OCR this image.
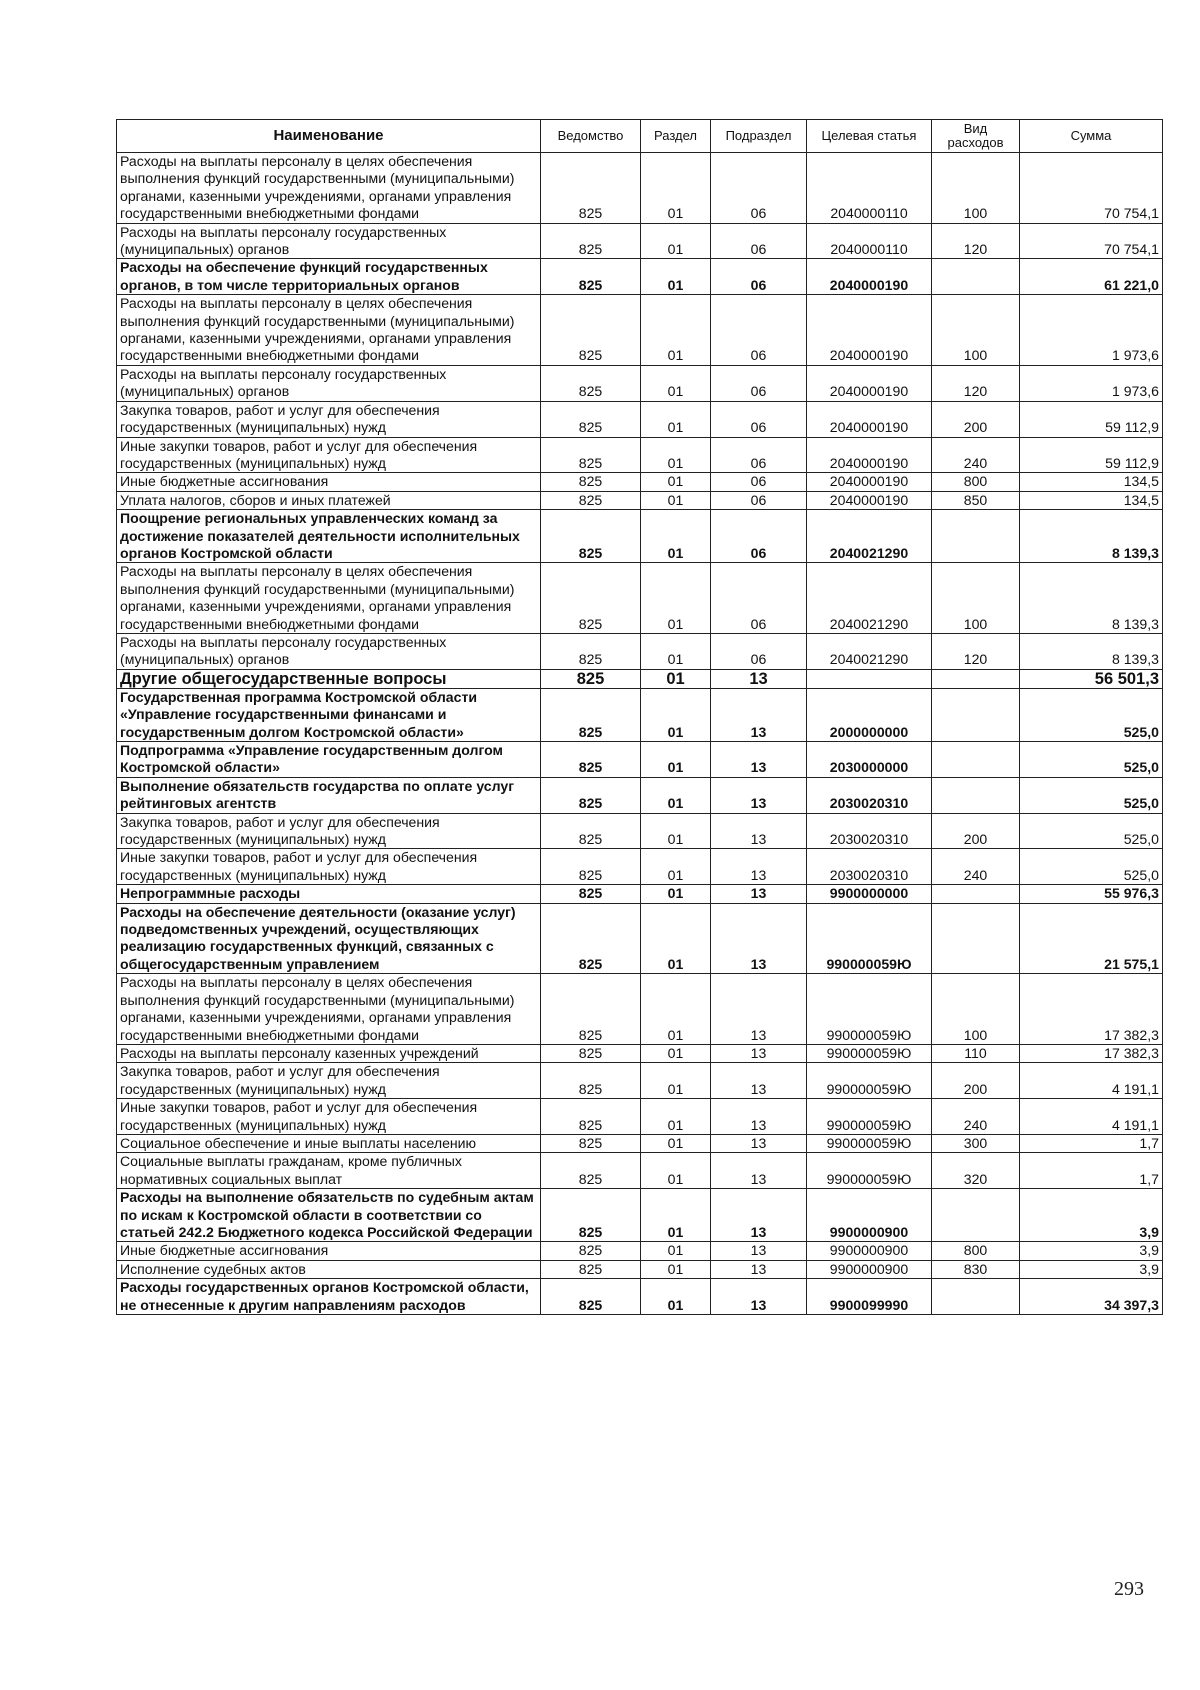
Наименование	Ведомство	Раздел	Подраздел	Целевая статья	Вид расходов	Сумма
Расходы на выплаты персоналу в целях обеспечения выполнения функций государственными (муниципальными) органами, казенными учреждениями, органами управления государственными внебюджетными фондами	825	01	06	2040000110	100	70 754,1
Расходы на выплаты персоналу государственных (муниципальных) органов	825	01	06	2040000110	120	70 754,1
Расходы на обеспечение функций государственных органов, в том числе территориальных органов	825	01	06	2040000190		61 221,0
Расходы на выплаты персоналу в целях обеспечения выполнения функций государственными (муниципальными) органами, казенными учреждениями, органами управления государственными внебюджетными фондами	825	01	06	2040000190	100	1 973,6
Расходы на выплаты персоналу государственных (муниципальных) органов	825	01	06	2040000190	120	1 973,6
Закупка товаров, работ и услуг для обеспечения государственных (муниципальных) нужд	825	01	06	2040000190	200	59 112,9
Иные закупки товаров, работ и услуг для обеспечения государственных (муниципальных) нужд	825	01	06	2040000190	240	59 112,9
Иные бюджетные ассигнования	825	01	06	2040000190	800	134,5
Уплата налогов, сборов и иных платежей	825	01	06	2040000190	850	134,5
Поощрение региональных управленческих команд за достижение показателей деятельности исполнительных органов Костромской области	825	01	06	2040021290		8 139,3
Расходы на выплаты персоналу в целях обеспечения выполнения функций государственными (муниципальными) органами, казенными учреждениями, органами управления государственными внебюджетными фондами	825	01	06	2040021290	100	8 139,3
Расходы на выплаты персоналу государственных (муниципальных) органов	825	01	06	2040021290	120	8 139,3
Другие общегосударственные вопросы	825	01	13			56 501,3
Государственная программа Костромской области «Управление государственными финансами и государственным долгом Костромской области»	825	01	13	2000000000		525,0
Подпрограмма «Управление государственным долгом Костромской области»	825	01	13	2030000000		525,0
Выполнение обязательств государства по оплате услуг рейтинговых агентств	825	01	13	2030020310		525,0
Закупка товаров, работ и услуг для обеспечения государственных (муниципальных) нужд	825	01	13	2030020310	200	525,0
Иные закупки товаров, работ и услуг для обеспечения государственных (муниципальных) нужд	825	01	13	2030020310	240	525,0
Непрограммные расходы	825	01	13	9900000000		55 976,3
Расходы на обеспечение деятельности (оказание услуг) подведомственных учреждений, осуществляющих реализацию государственных функций, связанных с общегосударственным управлением	825	01	13	990000059Ю		21 575,1
Расходы на выплаты персоналу в целях обеспечения выполнения функций государственными (муниципальными) органами, казенными учреждениями, органами управления государственными внебюджетными фондами	825	01	13	990000059Ю	100	17 382,3
Расходы на выплаты персоналу казенных учреждений	825	01	13	990000059Ю	110	17 382,3
Закупка товаров, работ и услуг для обеспечения государственных (муниципальных) нужд	825	01	13	990000059Ю	200	4 191,1
Иные закупки товаров, работ и услуг для обеспечения государственных (муниципальных) нужд	825	01	13	990000059Ю	240	4 191,1
Социальное обеспечение и иные выплаты населению	825	01	13	990000059Ю	300	1,7
Социальные выплаты гражданам, кроме публичных нормативных социальных выплат	825	01	13	990000059Ю	320	1,7
Расходы на выполнение обязательств по судебным актам по искам к Костромской области в соответствии со статьей 242.2 Бюджетного кодекса Российской Федерации	825	01	13	9900000900		3,9
Иные бюджетные ассигнования	825	01	13	9900000900	800	3,9
Исполнение судебных актов	825	01	13	9900000900	830	3,9
Расходы государственных органов Костромской области, не отнесенные к другим направлениям расходов	825	01	13	9900099990		34 397,3
293
